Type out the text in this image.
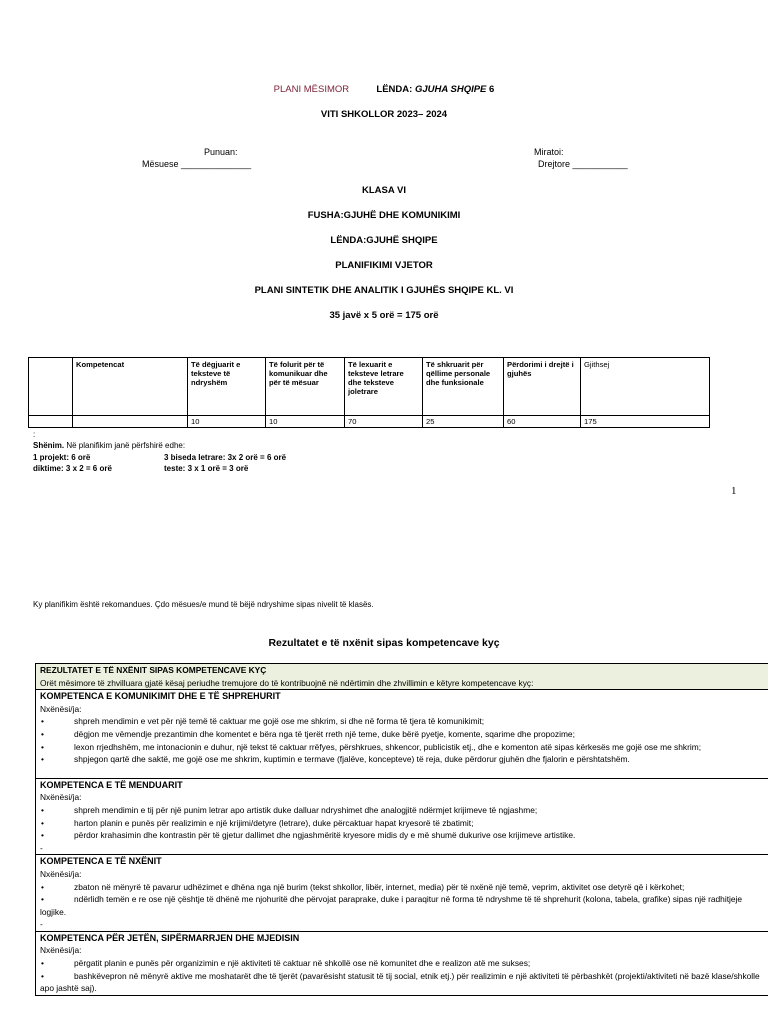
PLANI MËSIMOR	LËNDA: GJUHA SHQIPE 6
VITI SHKOLLOR 2023– 2024
Punuan:
Mësuese ______________
Miratoi:
Drejtore ___________
KLASA VI
FUSHA:GJUHË DHE KOMUNIKIMI
LËNDA:GJUHË SHQIPE
PLANIFIKIMI VJETOR
PLANI SINTETIK DHE ANALITIK I GJUHËS SHQIPE KL. VI
35 javë x 5 orë = 175 orë
	Kompetencat	Të dëgjuarit e teksteve të ndryshëm	Të folurit për të komunikuar dhe për të mësuar	Të lexuarit e teksteve letrare dhe teksteve joletrare	Të shkruarit për qëllime personale dhe funksionale	Përdorimi i drejtë i gjuhës	Gjithsej
		10	10	70	25	60	175
:
Shënim. Në planifikim janë përfshirë edhe:
1 projekt: 6 orë	3 biseda letrare: 3x 2 orë = 6 orë
diktime: 3 x 2 = 6 orë	teste: 3 x 1 orë = 3 orë
1
Ky planifikim është rekomandues. Çdo mësues/e mund të bëjë ndryshime sipas nivelit të klasës.
Rezultatet e të nxënit sipas kompetencave kyç
REZULTATET E TË NXËNIT SIPAS KOMPETENCAVE KYÇ
Orët mësimore të zhvilluara gjatë kësaj periudhe tremujore do të kontribuojnë në ndërtimin dhe zhvillimin e këtyre kompetencave kyç:
KOMPETENCA E KOMUNIKIMIT DHE E TË SHPREHURIT
Nxënësi/ja:
•	shpreh mendimin e vet për një temë të caktuar me gojë ose me shkrim, si dhe në forma të tjera të komunikimit;
•	dëgjon me vëmendje prezantimin dhe komentet e bëra nga të tjerët rreth një teme, duke bërë pyetje, komente, sqarime dhe propozime;
•	lexon rrjedhshëm, me intonacionin e duhur, një tekst të caktuar rrëfyes, përshkrues, shkencor, publicistik etj., dhe e komenton atë sipas kërkesës me gojë ose me shkrim;
•	shpjegon qartë dhe saktë, me gojë ose me shkrim, kuptimin e termave (fjalëve, koncepteve) të reja, duke përdorur gjuhën dhe fjalorin e përshtatshëm.
KOMPETENCA E TË MENDUARIT
Nxënësi/ja:
•	shpreh mendimin e tij për një punim letrar apo artistik duke dalluar ndryshimet dhe analogjitë ndërmjet krijimeve të ngjashme;
•	harton planin e punës për realizimin e një krijimi/detyre (letrare), duke përcaktuar hapat kryesorë të zbatimit;
•	përdor krahasimin dhe kontrastin për të gjetur dallimet dhe ngjashmëritë kryesore midis dy e më shumë dukurive ose krijimeve artistike.
-
KOMPETENCA E TË NXËNIT
Nxënësi/ja:
•	zbaton në mënyrë të pavarur udhëzimet e dhëna nga një burim (tekst shkollor, libër, internet, media) për të nxënë një temë, veprim, aktivitet ose detyrë që i kërkohet;
•	ndërlidh temën e re ose një çështje të dhënë me njohuritë dhe përvojat paraprake, duke i paraqitur në forma të ndryshme të të shprehurit (kolona, tabela, grafike) sipas një radhitjeje logjike.
-
KOMPETENCA PËR JETËN, SIPËRMARRJEN DHE MJEDISIN
Nxënësi/ja:
•	përgatit planin e punës për organizimin e një aktiviteti të caktuar në shkollë ose në komunitet dhe e realizon atë me sukses;
•	bashkëvepron në mënyrë aktive me moshatarët dhe të tjerët (pavarësisht statusit të tij social, etnik etj.) për realizimin e një aktiviteti të përbashkët (projekti/aktiviteti në bazë klase/shkolle apo jashtë saj).
